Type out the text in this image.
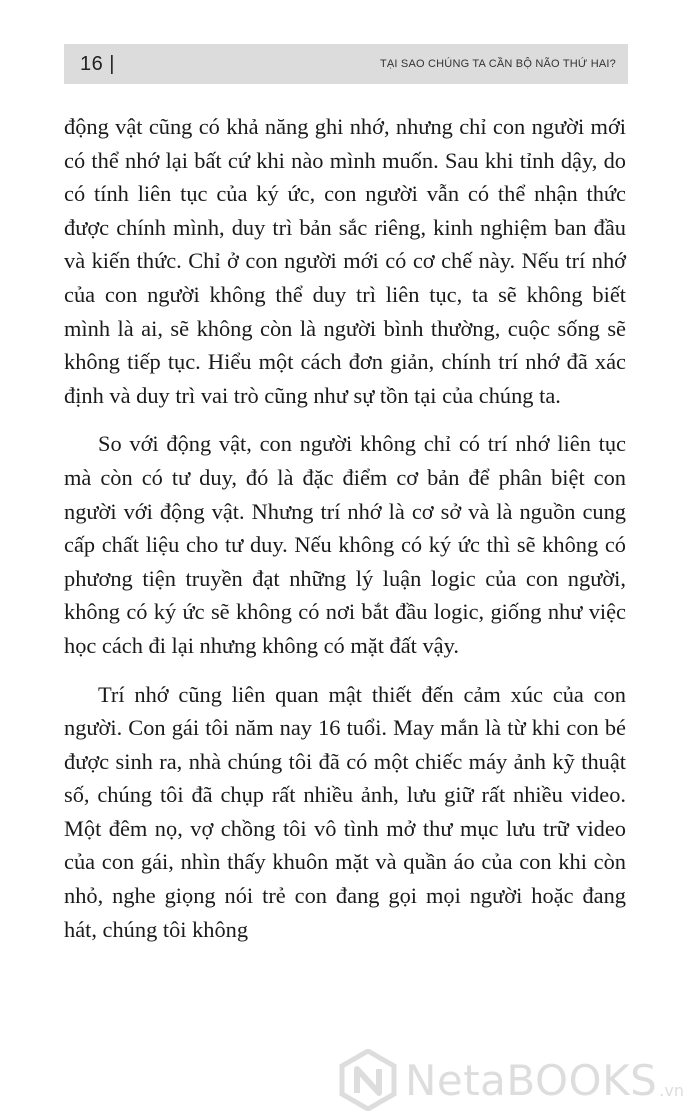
16 |	TẠI SAO CHÚNG TA CẦN BỘ NÃO THỨ HAI?

động vật cũng có khả năng ghi nhớ, nhưng chỉ con người mới có thể nhớ lại bất cứ khi nào mình muốn. Sau khi tỉnh dậy, do có tính liên tục của ký ức, con người vẫn có thể nhận thức được chính mình, duy trì bản sắc riêng, kinh nghiệm ban đầu và kiến thức. Chỉ ở con người mới có cơ chế này. Nếu trí nhớ của con người không thể duy trì liên tục, ta sẽ không biết mình là ai, sẽ không còn là người bình thường, cuộc sống sẽ không tiếp tục. Hiểu một cách đơn giản, chính trí nhớ đã xác định và duy trì vai trò cũng như sự tồn tại của chúng ta.

So với động vật, con người không chỉ có trí nhớ liên tục mà còn có tư duy, đó là đặc điểm cơ bản để phân biệt con người với động vật. Nhưng trí nhớ là cơ sở và là nguồn cung cấp chất liệu cho tư duy. Nếu không có ký ức thì sẽ không có phương tiện truyền đạt những lý luận logic của con người, không có ký ức sẽ không có nơi bắt đầu logic, giống như việc học cách đi lại nhưng không có mặt đất vậy.

Trí nhớ cũng liên quan mật thiết đến cảm xúc của con người. Con gái tôi năm nay 16 tuổi. May mắn là từ khi con bé được sinh ra, nhà chúng tôi đã có một chiếc máy ảnh kỹ thuật số, chúng tôi đã chụp rất nhiều ảnh, lưu giữ rất nhiều video. Một đêm nọ, vợ chồng tôi vô tình mở thư mục lưu trữ video của con gái, nhìn thấy khuôn mặt và quần áo của con khi còn nhỏ, nghe giọng nói trẻ con đang gọi mọi người hoặc đang hát, chúng tôi không

NetaBOOKS .vn
